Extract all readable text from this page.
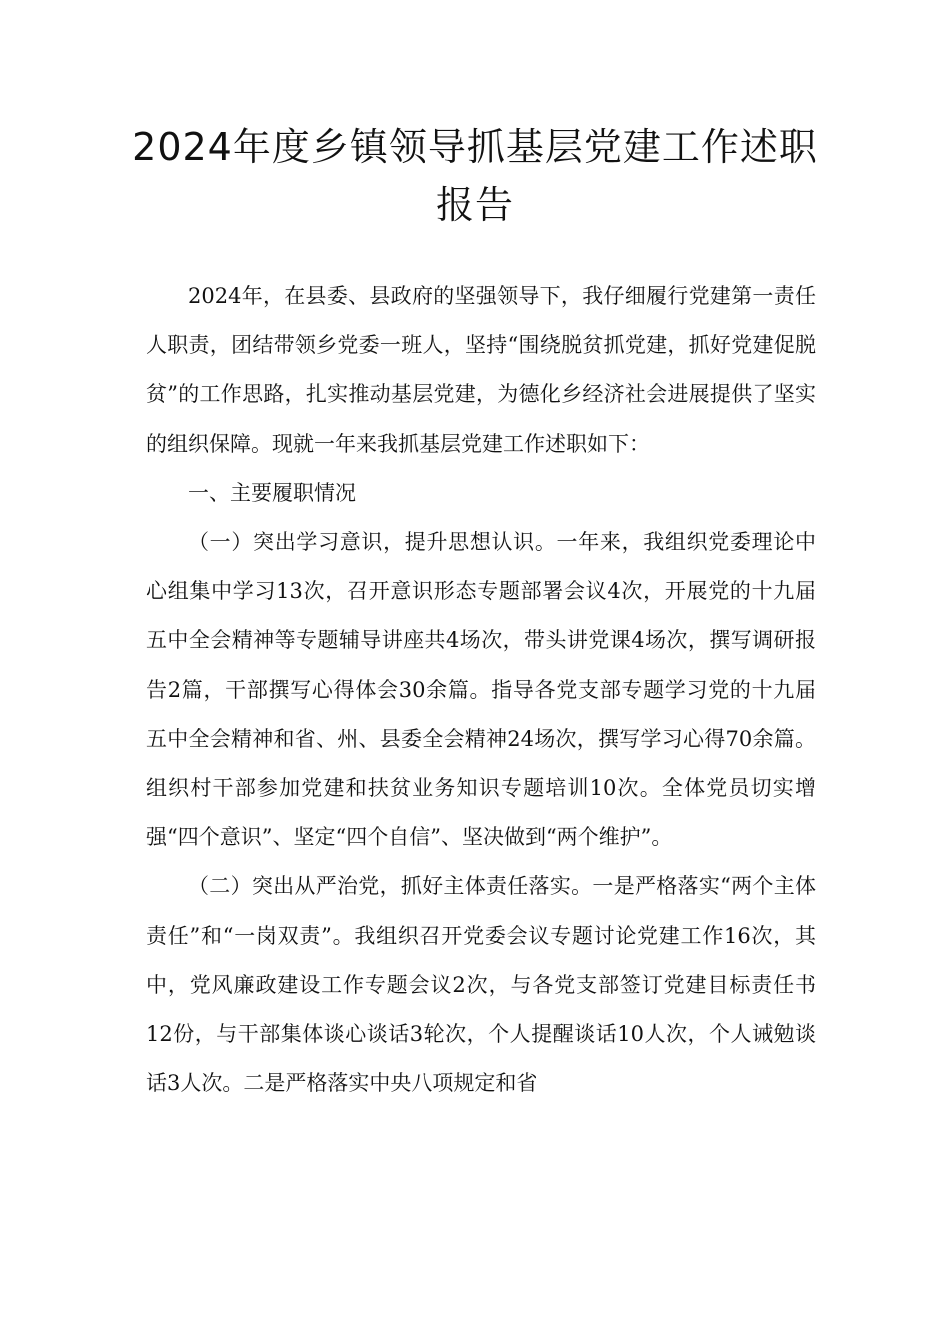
2024年度乡镇领导抓基层党建工作述职
报告

2024年，在县委、县政府的坚强领导下，我仔细履行党建第一责任人职责，团结带领乡党委一班人，坚持“围绕脱贫抓党建，抓好党建促脱贫”的工作思路，扎实推动基层党建，为德化乡经济社会进展提供了坚实的组织保障。现就一年来我抓基层党建工作述职如下：

一、主要履职情况

（一）突出学习意识，提升思想认识。一年来，我组织党委理论中心组集中学习13次，召开意识形态专题部署会议4次，开展党的十九届五中全会精神等专题辅导讲座共4场次，带头讲党课4场次，撰写调研报告2篇，干部撰写心得体会30余篇。指导各党支部专题学习党的十九届五中全会精神和省、州、县委全会精神24场次，撰写学习心得70余篇。组织村干部参加党建和扶贫业务知识专题培训10次。全体党员切实增强“四个意识”、坚定“四个自信”、坚决做到“两个维护”。

（二）突出从严治党，抓好主体责任落实。一是严格落实“两个主体责任”和“一岗双责”。我组织召开党委会议专题讨论党建工作16次，其中，党风廉政建设工作专题会议2次，与各党支部签订党建目标责任书12份，与干部集体谈心谈话3轮次，个人提醒谈话10人次，个人诫勉谈话3人次。二是严格落实中央八项规定和省
